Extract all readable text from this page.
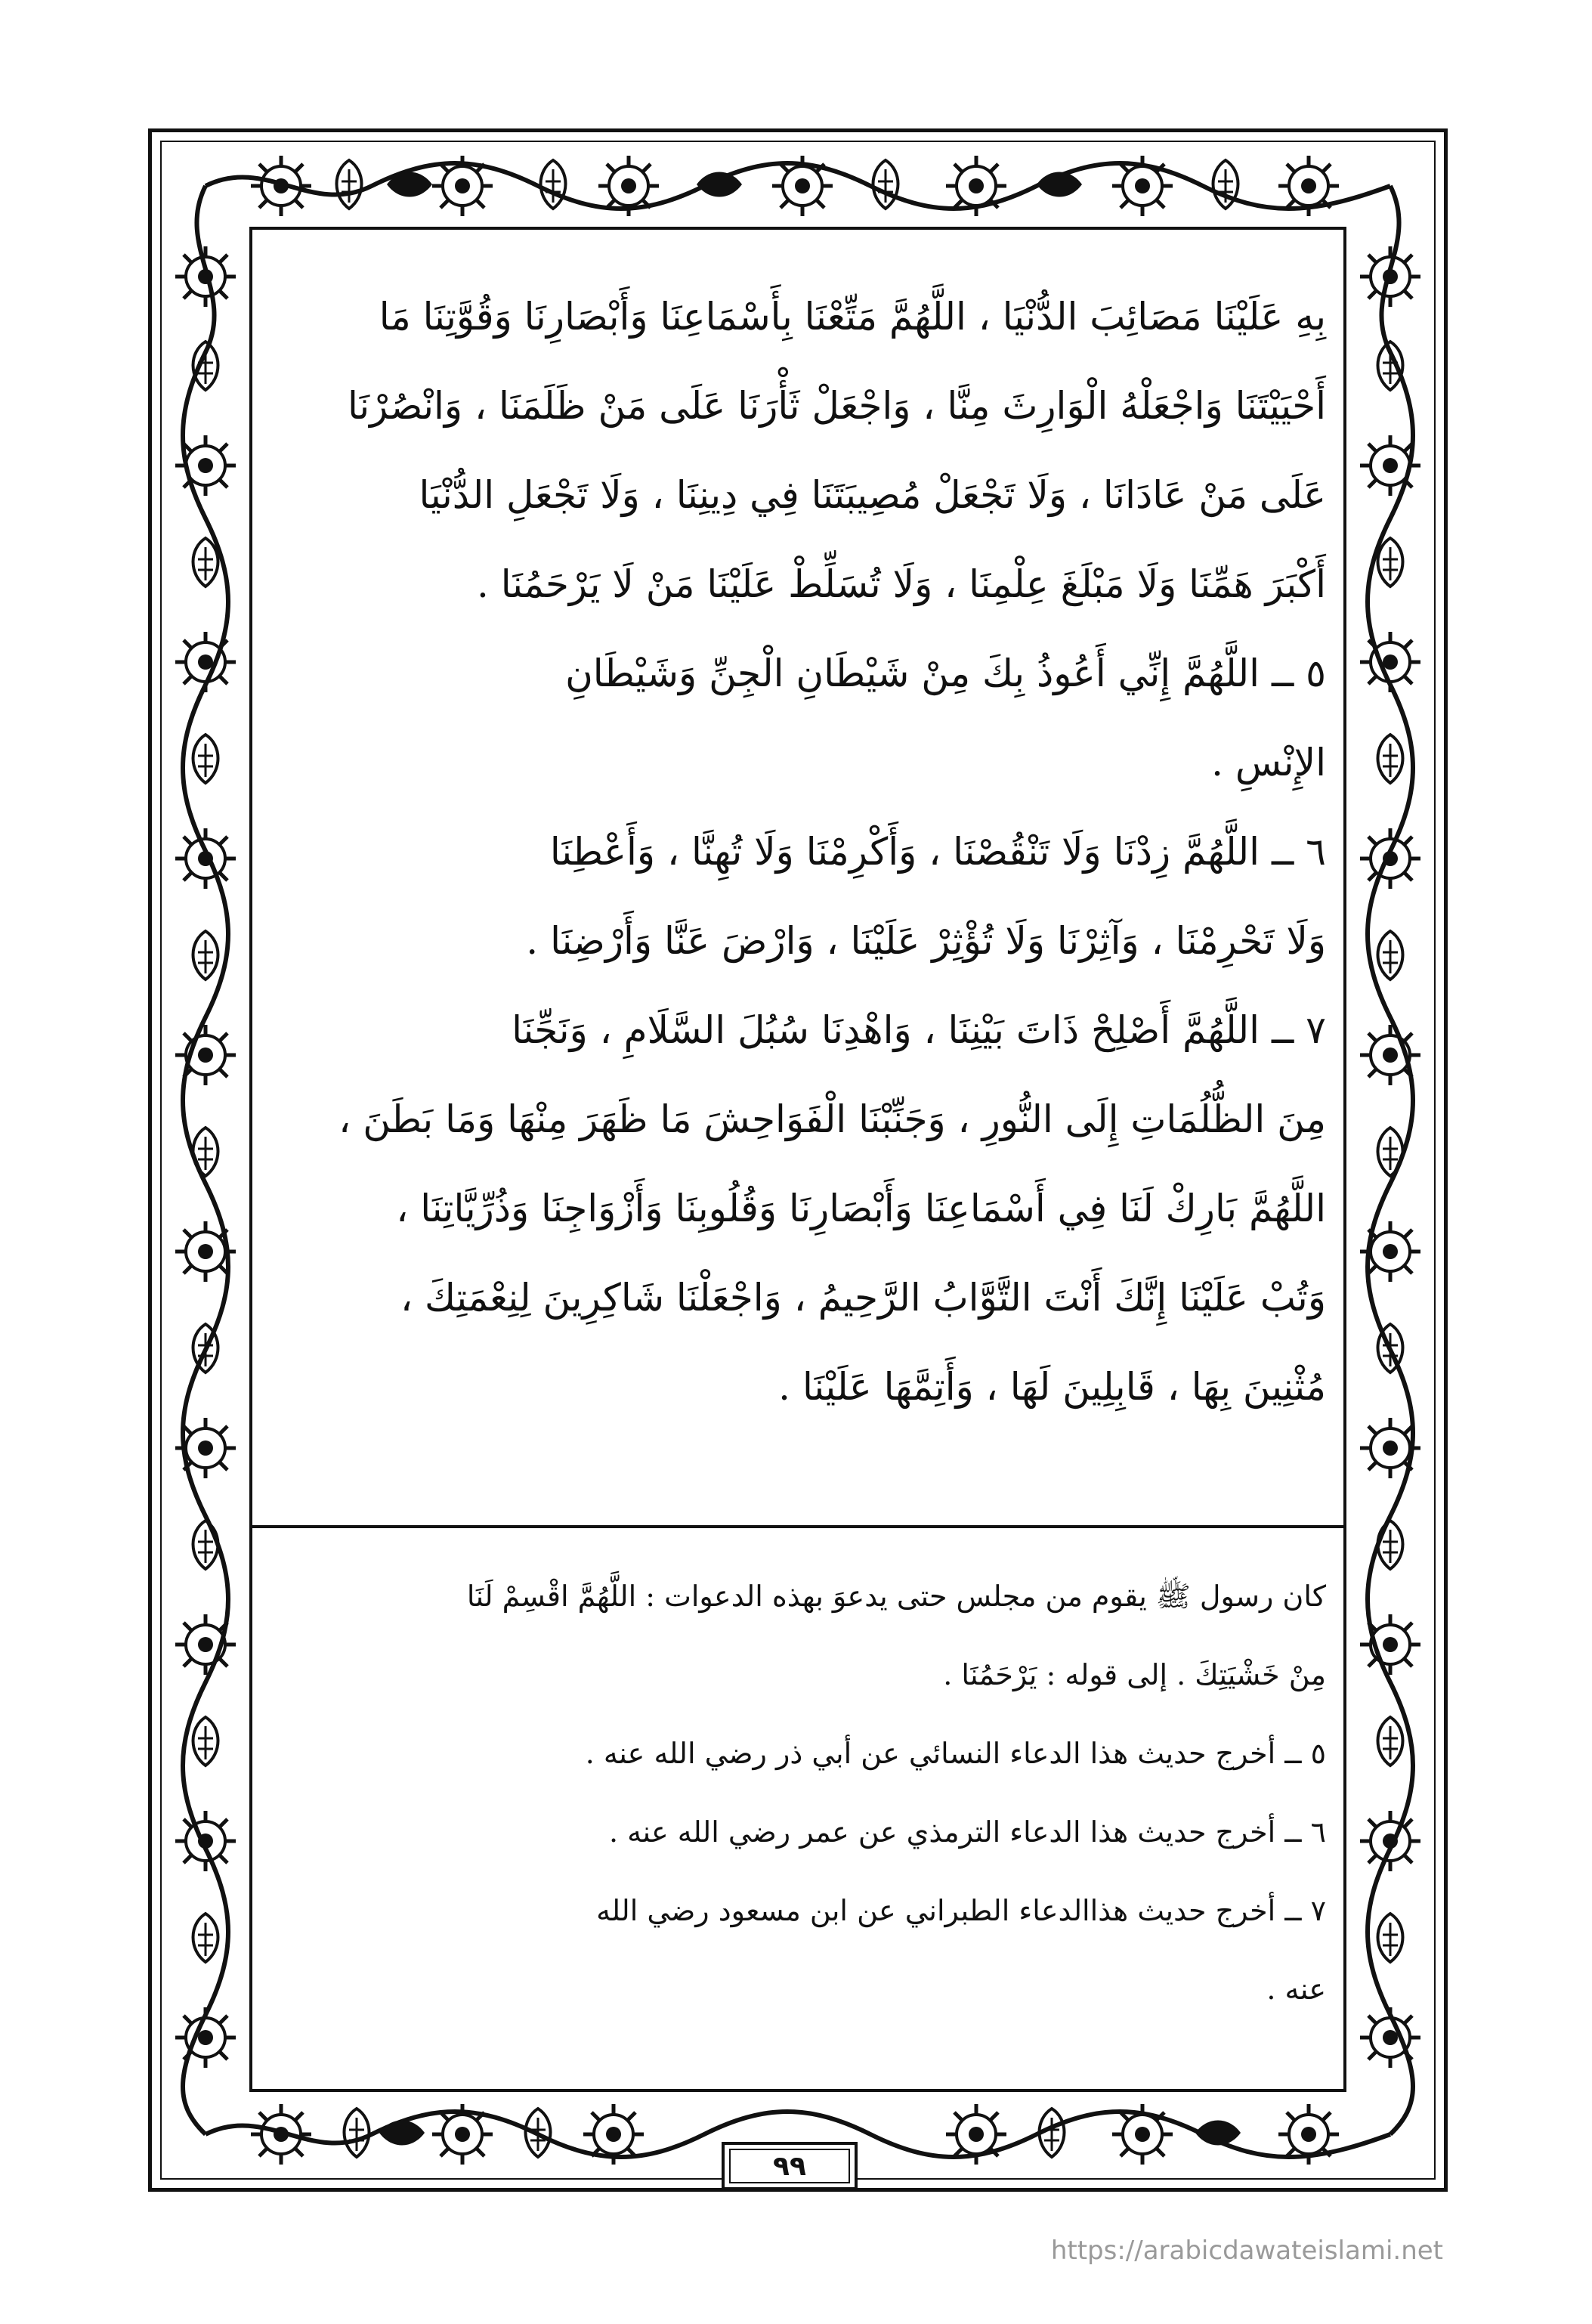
بِهِ عَلَيْنَا مَصَائِبَ الدُّنْيَا ، اللَّهُمَّ مَتِّعْنَا بِأَسْمَاعِنَا وَأَبْصَارِنَا وَقُوَّتِنَا مَا

أَحْيَيْتَنَا وَاجْعَلْهُ الْوَارِثَ مِنَّا ، وَاجْعَلْ ثَأْرَنَا عَلَى مَنْ ظَلَمَنَا ، وَانْصُرْنَا

عَلَى مَنْ عَادَانَا ، وَلَا تَجْعَلْ مُصِيبَتَنَا فِي دِينِنَا ، وَلَا تَجْعَلِ الدُّنْيَا

أَكْبَرَ هَمِّنَا وَلَا مَبْلَغَ عِلْمِنَا ، وَلَا تُسَلِّطْ عَلَيْنَا مَنْ لَا يَرْحَمُنَا .

٥ ــ اللَّهُمَّ إِنِّي أَعُوذُ بِكَ مِنْ شَيْطَانِ الْجِنِّ وَشَيْطَانِ

الإِنْسِ .

٦ ــ اللَّهُمَّ زِدْنَا وَلَا تَنْقُصْنَا ، وَأَكْرِمْنَا وَلَا تُهِنَّا ، وَأَعْطِنَا

وَلَا تَحْرِمْنَا ، وَآثِرْنَا وَلَا تُؤْثِرْ عَلَيْنَا ، وَارْضَ عَنَّا وَأَرْضِنَا .

٧ ــ اللَّهُمَّ أَصْلِحْ ذَاتَ بَيْنِنَا ، وَاهْدِنَا سُبُلَ السَّلَامِ ، وَنَجِّنَا

مِنَ الظُّلُمَاتِ إِلَى النُّورِ ، وَجَنِّبْنَا الْفَوَاحِشَ مَا ظَهَرَ مِنْهَا وَمَا بَطَنَ ،

اللَّهُمَّ بَارِكْ لَنَا فِي أَسْمَاعِنَا وَأَبْصَارِنَا وَقُلُوبِنَا وَأَزْوَاجِنَا وَذُرِّيَّاتِنَا ،

وَتُبْ عَلَيْنَا إِنَّكَ أَنْتَ التَّوَّابُ الرَّحِيمُ ، وَاجْعَلْنَا شَاكِرِينَ لِنِعْمَتِكَ ،

مُثْنِينَ بِهَا ، قَابِلِينَ لَهَا ، وَأَتِمَّهَا عَلَيْنَا .

كان رسول ﷺ يقوم من مجلس حتى يدعوَ بهذه الدعوات : اللَّهُمَّ اقْسِمْ لَنَا

مِنْ خَشْيَتِكَ . إلى قوله : يَرْحَمُنَا .

٥ ــ أخرج حديث هذا الدعاء النسائي عن أبي ذر رضي الله عنه .

٦ ــ أخرج حديث هذا الدعاء الترمذي عن عمر رضي الله عنه .

٧ ــ أخرج حديث هذاالدعاء الطبراني عن ابن مسعود رضي الله

عنه .

٩٩
https://arabicdawateislami.net
